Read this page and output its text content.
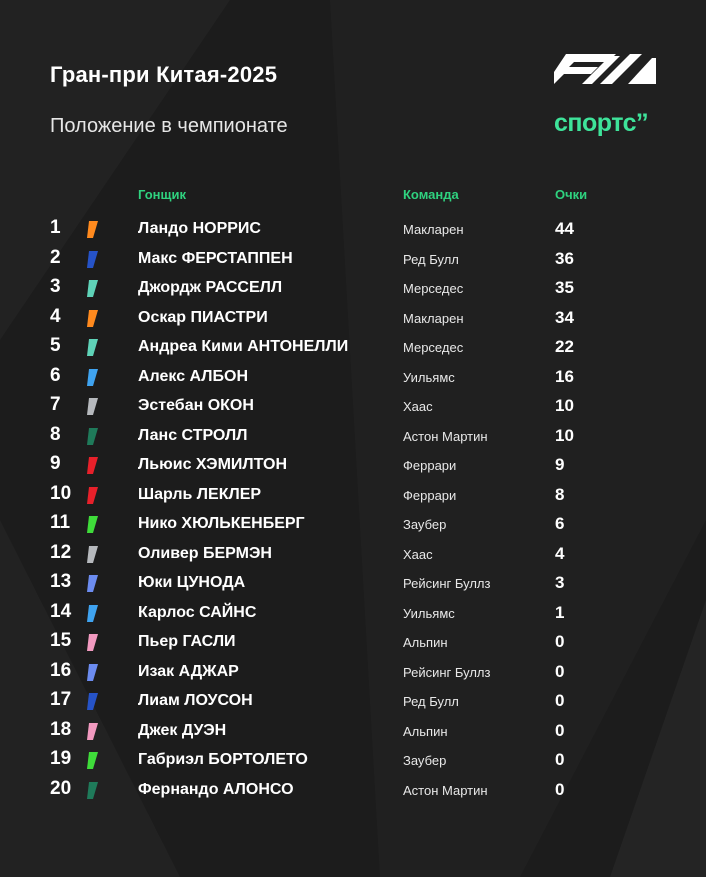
Гран-при Китая-2025
Положение в чемпионате
™
спортс’’
Гонщик	Команда	Очки
1	Ландо НОРРИС	Макларен	44
2	Макс ФЕРСТАППЕН	Ред Булл	36
3	Джордж РАССЕЛЛ	Мерседес	35
4	Оскар ПИАСТРИ	Макларен	34
5	Андреа Кими АНТОНЕЛЛИ	Мерседес	22
6	Алекс АЛБОН	Уильямс	16
7	Эстебан ОКОН	Хаас	10
8	Ланс СТРОЛЛ	Астон Мартин	10
9	Льюис ХЭМИЛТОН	Феррари	9
10	Шарль ЛЕКЛЕР	Феррари	8
11	Нико ХЮЛЬКЕНБЕРГ	Заубер	6
12	Оливер БЕРМЭН	Хаас	4
13	Юки ЦУНОДА	Рейсинг Буллз	3
14	Карлос САЙНС	Уильямс	1
15	Пьер ГАСЛИ	Альпин	0
16	Изак АДЖАР	Рейсинг Буллз	0
17	Лиам ЛОУСОН	Ред Булл	0
18	Джек ДУЭН	Альпин	0
19	Габриэл БОРТОЛЕТО	Заубер	0
20	Фернандо АЛОНСО	Астон Мартин	0
